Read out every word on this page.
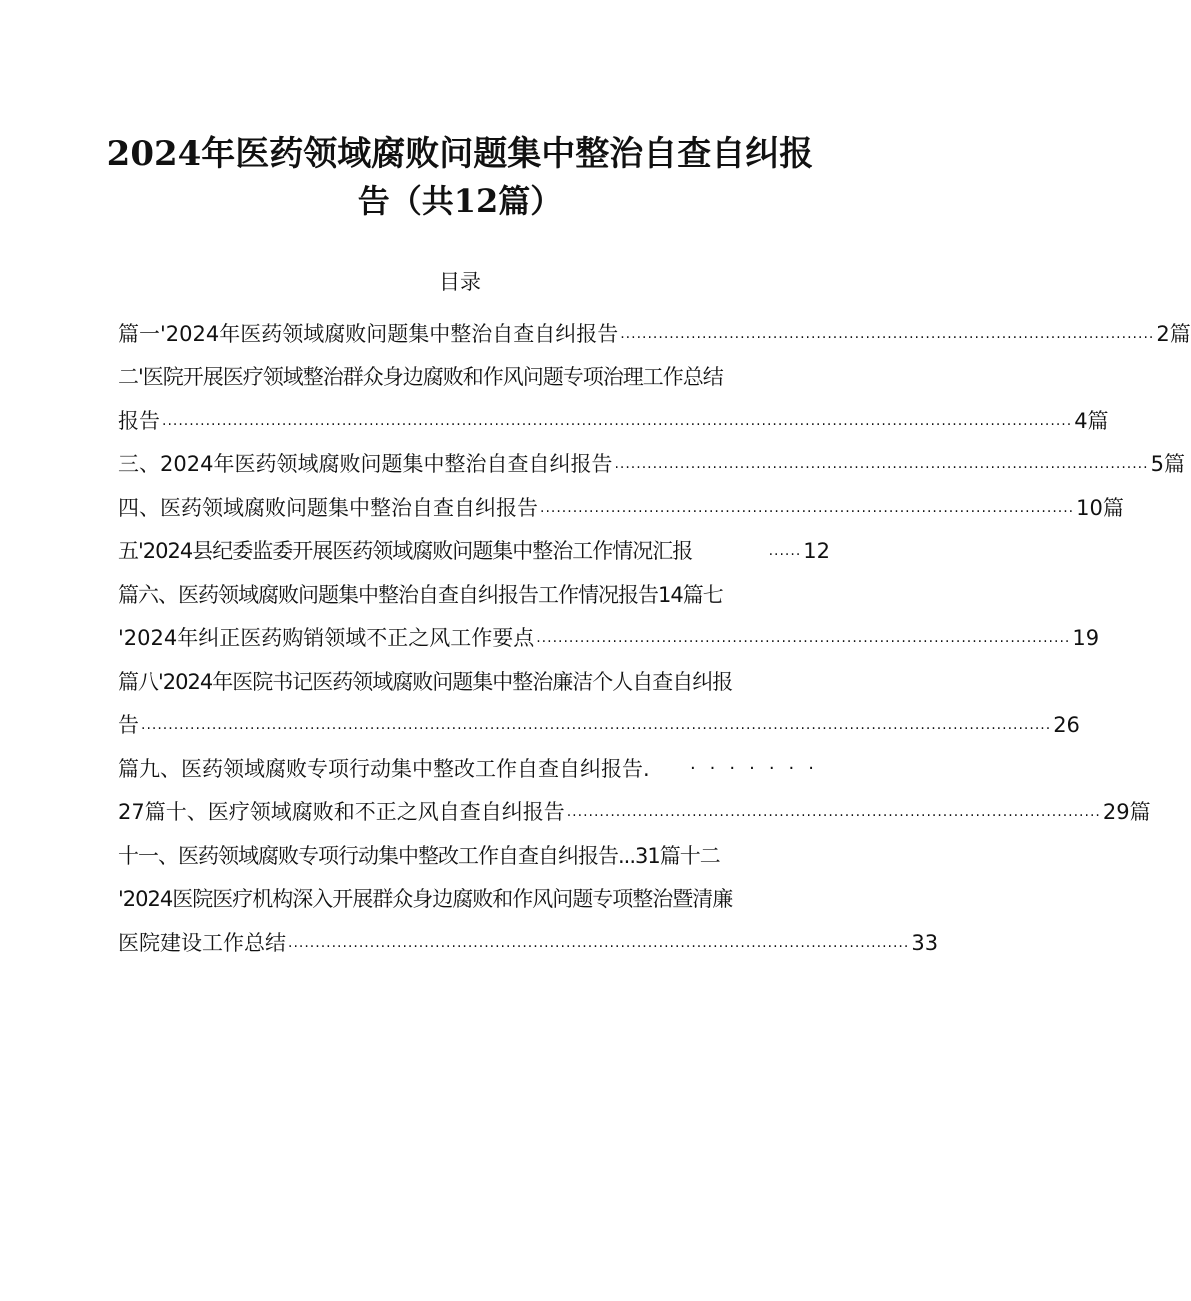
2024年医药领域腐败问题集中整治自查自纠报
告（共12篇）
目录
篇一'2024年医药领域腐败问题集中整治自查自纠报告 .................................................................................................. 2篇
二'医院开展医疗领域整治群众身边腐败和作风问题专项治理工作总结
报告 ....................................................................................................................................................................... 4篇
三、2024年医药领域腐败问题集中整治自查自纠报告 .................................................................................................. 5篇
四、医药领域腐败问题集中整治自查自纠报告 .................................................................................................. 10篇
五'2024县纪委监委开展医药领域腐败问题集中整治工作情况汇报	...... 12
篇六、医药领域腐败问题集中整治自查自纠报告工作情况报告14篇七
'2024年纠正医药购销领域不正之风工作要点 .................................................................................................. 19
篇八'2024年医院书记医药领域腐败问题集中整治廉洁个人自查自纠报
告 ....................................................................................................................................................................... 26
篇九、医药领域腐败专项行动集中整改工作自查自纠报告.	·······
27篇十、医疗领域腐败和不正之风自查自纠报告 .................................................................................................. 29篇
十一、医药领域腐败专项行动集中整改工作自查自纠报告...31篇十二
'2024医院医疗机构深入开展群众身边腐败和作风问题专项整治暨清廉
医院建设工作总结 .................................................................................................................. 33
